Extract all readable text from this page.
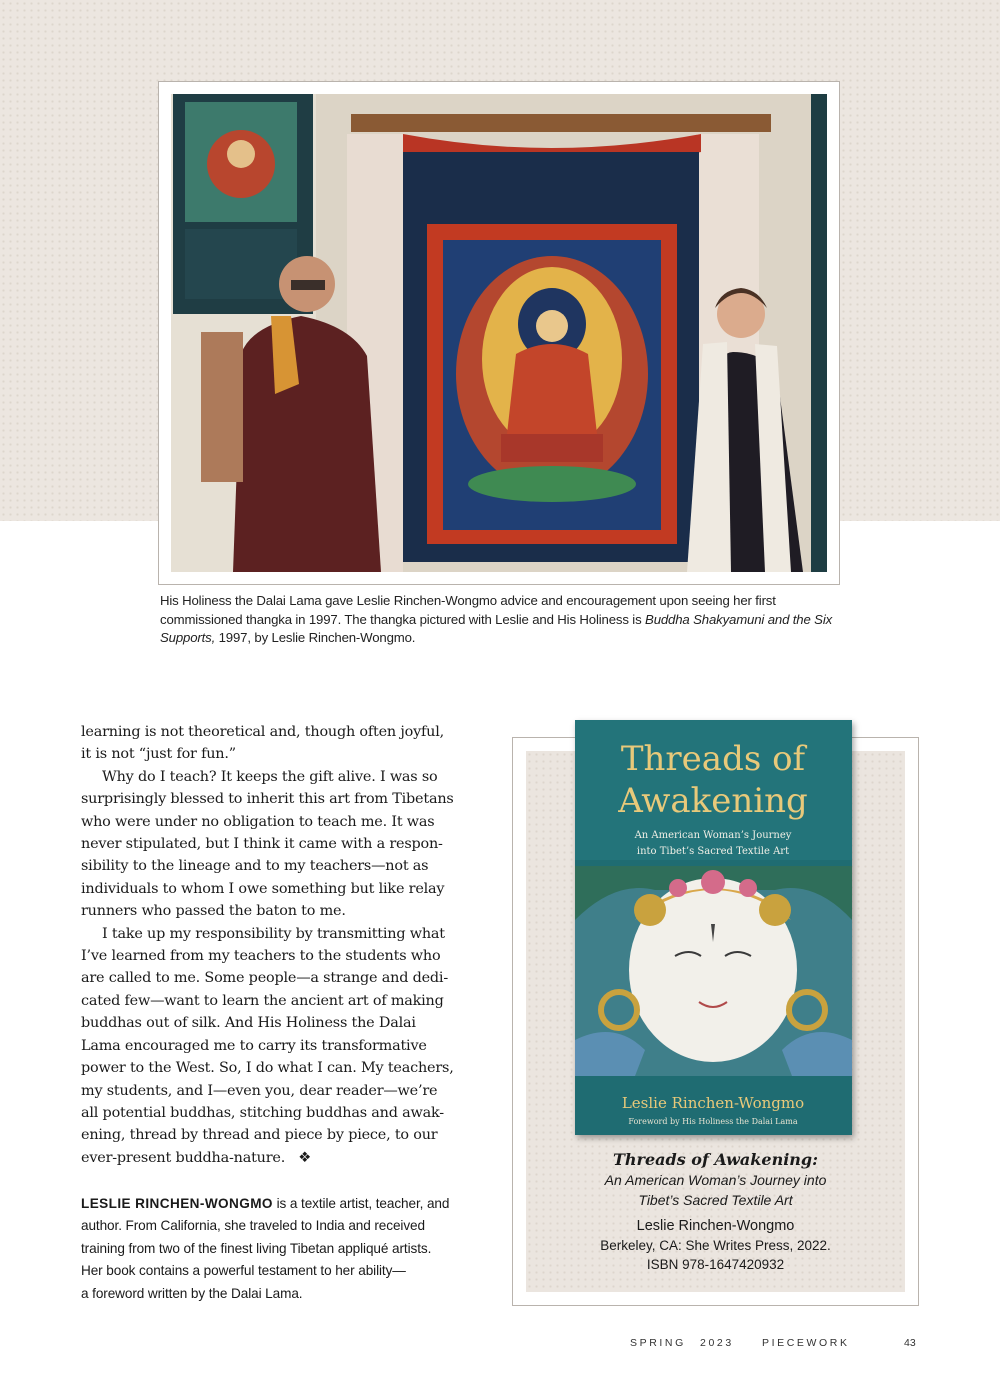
His Holiness the Dalai Lama gave Leslie Rinchen-Wongmo advice and encouragement upon seeing her first
commissioned thangka in 1997. The thangka pictured with Leslie and His Holiness is Buddha Shakyamuni and the Six
Supports, 1997, by Leslie Rinchen-Wongmo.

learning is not theoretical and, though often joyful,
it is not “just for fun.”
Why do I teach? It keeps the gift alive. I was so
surprisingly blessed to inherit this art from Tibetans
who were under no obligation to teach me. It was
never stipulated, but I think it came with a respon-
sibility to the lineage and to my teachers—not as
individuals to whom I owe something but like relay
runners who passed the baton to me.
I take up my responsibility by transmitting what
I’ve learned from my teachers to the students who
are called to me. Some people—a strange and dedi-
cated few—want to learn the ancient art of making
buddhas out of silk. And His Holiness the Dalai
Lama encouraged me to carry its transformative
power to the West. So, I do what I can. My teachers,
my students, and I—even you, dear reader—we’re
all potential buddhas, stitching buddhas and awak-
ening, thread by thread and piece by piece, to our
ever-present buddha-nature. ❖
LESLIE RINCHEN-WONGMO is a textile artist, teacher, and
author. From California, she traveled to India and received
training from two of the finest living Tibetan appliqué artists.
Her book contains a powerful testament to her ability—
a foreword written by the Dalai Lama.
Threads of
Awakening
An American Woman’s Journey
into Tibet’s Sacred Textile Art
Leslie Rinchen-Wongmo
Foreword by His Holiness the Dalai Lama
Threads of Awakening:
An American Woman’s Journey into
Tibet’s Sacred Textile Art
Leslie Rinchen-Wongmo
Berkeley, CA: She Writes Press, 2022.
ISBN 978-1647420932
SPRING 2023	PIECEWORK	43
